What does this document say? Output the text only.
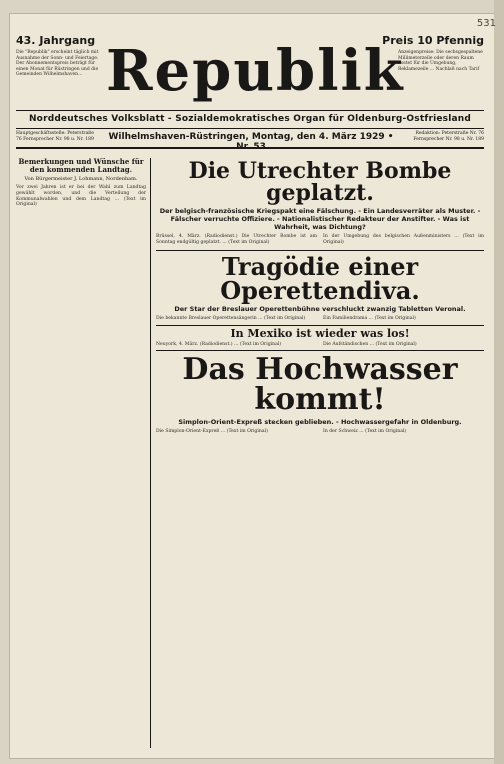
531
43. Jahrgang	Preis 10 Pfennig
Die "Republik" erscheint täglich mit Ausnahme der Sonn- und Feiertage. Der Abonnementspreis beträgt für einen Monat für Rüstringen und die Gemeinden Wilhelmshaven...
Anzeigenpreise: Die sechsgespaltene Millimeterzeile oder deren Raum kostet für die Umgebung, Reklamezeile ... Nachlaß nach Tarif
Republik
Norddeutsches Volksblatt - Sozialdemokratisches Organ für Oldenburg-Ostfriesland
Hauptgeschäftsstelle: Peterstraße 76 Fernsprecher Nr. 98 u. Nr. 189 Wilhelmshaven-Rüstringen, Montag, den 4. März 1929 •	Redaktion: Peterstraße Nr. 76 Fernsprecher Nr. 98 u. Nr. 189
Bemerkungen und Wünsche für den kommenden Landtag.
Von Bürgermeister J. Lohmann, Nordenham.
Vor zwei Jahren ist er bei der Wahl zum Landtag gewählt worden, und die Verteilung der Kommunalwahlen und dem Landtag ... (Text im Original)
Die Utrechter Bombe geplatzt.
Der belgisch-französische Kriegspakt eine Fälschung. - Ein Landesverräter als Muster. - Fälscher verruchte Offiziere. - Nationalistischer Redakteur der Anstifter. - Was ist Wahrheit, was Dichtung?
Brüssel, 4. März. (Radiodienst.) Die Utrechter Bombe ist am Sonntag endgültig geplatzt. ... (Text im Original)
In der Umgebung des belgischen Außenministers ... (Text im Original)
Tragödie einer Operettendiva.
Der Star der Breslauer Operettenbühne verschluckt zwanzig Tabletten Veronal.
Die bekannte Breslauer Operettensängerin ... (Text im Original)	Ein Familiendrama ... (Text im Original)
In Mexiko ist wieder was los!
Neuyork, 4. März. (Radiodienst.) ... (Text im Original)	Die Aufständischen ... (Text im Original)
Das Hochwasser kommt!
Simplon-Orient-Expreß stecken geblieben. - Hochwassergefahr in Oldenburg.
Die Simplon-Orient-Expreß ... (Text im Original)	In der Schweiz ... (Text im Original)
